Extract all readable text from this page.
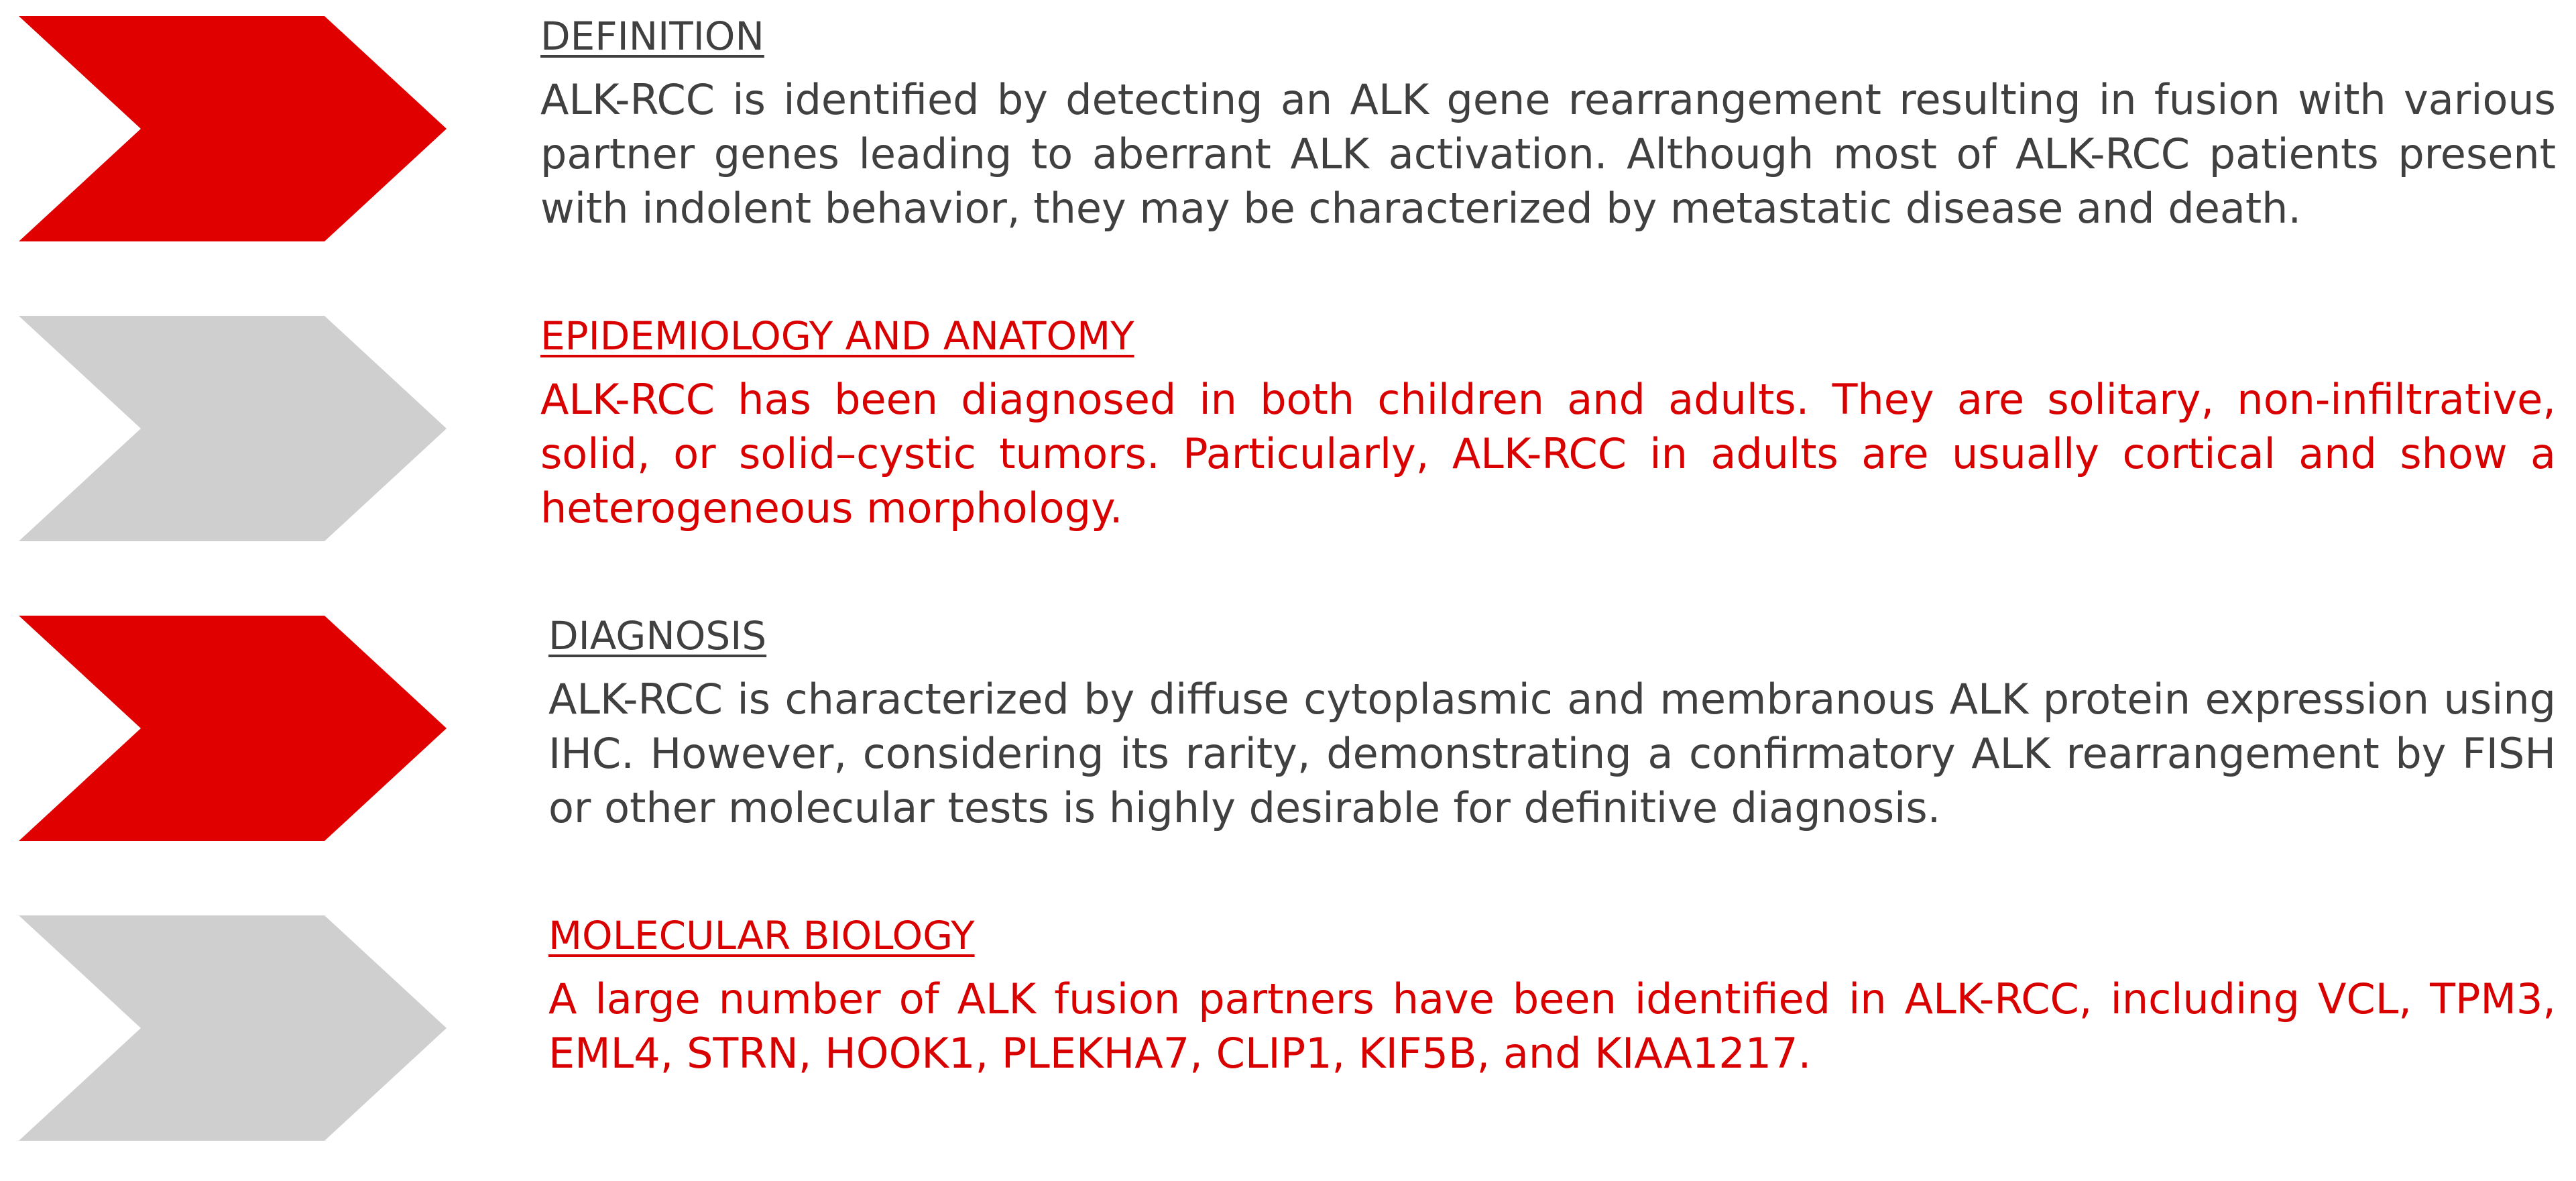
DEFINITION

ALK-RCC is identified by detecting an ALK gene rearrangement resulting in fusion with various partner genes leading to aberrant ALK activation. Although most of ALK-RCC patients present with indolent behavior, they may be characterized by metastatic disease and death.

EPIDEMIOLOGY AND ANATOMY

ALK-RCC has been diagnosed in both children and adults. They are solitary, non-infiltrative, solid, or solid–cystic tumors. Particularly, ALK-RCC in adults are usually cortical and show a heterogeneous morphology.

DIAGNOSIS

ALK-RCC is characterized by diffuse cytoplasmic and membranous ALK protein expression using IHC. However, considering its rarity, demonstrating a confirmatory ALK rearrangement by FISH or other molecular tests is highly desirable for definitive diagnosis.

MOLECULAR BIOLOGY

A large number of ALK fusion partners have been identified in ALK-RCC, including VCL, TPM3, EML4, STRN, HOOK1, PLEKHA7, CLIP1, KIF5B, and KIAA1217.
